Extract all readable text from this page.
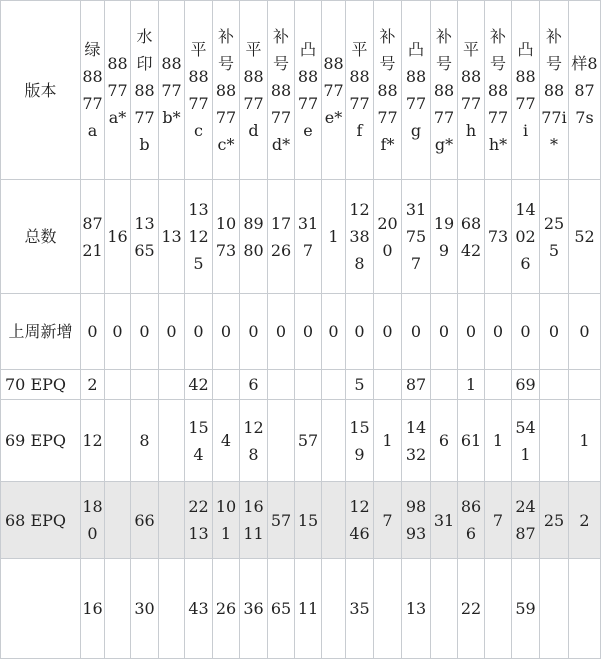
版本	绿8877a	8877a*	水印8877b	8877b*	平8877c	补号8877c*	平8877d	补号8877d*	凸8877e	8877e*	平8877f	补号8877f*	凸8877g	补号8877g*	平8877h	补号8877h*	凸8877i	补号8877i*	样8877s
总数	8721	16	1365	13	13125	1073	8980	1726	317	1	12388	200	31757	199	6842	73	14026	255	52
上周新增	0	0	0	0	0	0	0	0	0	0	0	0	0	0	0	0	0	0	0
70 EPQ	2				42		6				5		87		1		69		
69 EPQ	12		8		154	4	128		57		159	1	1432	6	61	1	541		1
68 EPQ	180		66		2213	101	1611	57	15		1246	7	9893	31	866	7	2487	25	2
	16		30		43	26	36	65	11		35		13		22		59		
